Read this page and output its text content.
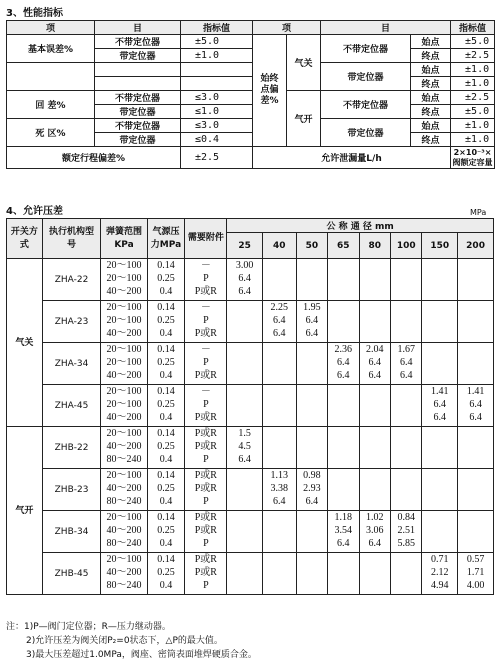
3、性能指标
项	目	指标值	项		目		指标值
基本误差%	不带定位器	±5.0	始终点偏差%	气关	不带定位器	始点	±5.0
	带定位器	±1.0				终点	±2.5
					带定位器	始点	±1.0
						终点	±1.0
回 差%	不带定位器	≤3.0		气开	不带定位器	始点	±2.5
	带定位器	≤1.0				终点	±5.0
死 区%	不带定位器	≤3.0			带定位器	始点	±1.0
	带定位器	≤0.4				终点	±1.0
额定行程偏差%		±2.5	允许泄漏量L/h				2×10⁻³×阀额定容量
4、允许压差	MPa
开关方式	执行机构型号	弹簧范围KPa	气源压力MPa	需要附件	公 称 通 径 mm							
					25	40	50	65	80	100	150	200
气关	ZHA-22	20～100
20～100
40～200	0.14
0.25
0.4	－
P
P或R	3.00
6.4
6.4							

	ZHA-23	20～100
20～100
40～200	0.14
0.25
0.4	－
P
P或R		2.25
6.4
6.4	1.95
6.4
6.4					

	ZHA-34	20～100
20～100
40～200	0.14
0.25
0.4	－
P
P或R				2.36
6.4
6.4	2.04
6.4
6.4	1.67
6.4
6.4		

	ZHA-45	20～100
20～100
40～200	0.14
0.25
0.4	－
P
P或R							1.41
6.4
6.4	1.41
6.4
6.4

气开	ZHB-22	20～100
40～200
80～240	0.14
0.25
0.4	P或R
P或R
P	1.5
4.5
6.4							

	ZHB-23	20～100
40～200
80～240	0.14
0.25
0.4	P或R
P或R
P		1.13
3.38
6.4	0.98
2.93
6.4					

	ZHB-34	20～100
40～200
80～240	0.14
0.25
0.4	P或R
P或R
P				1.18
3.54
6.4	1.02
3.06
6.4	0.84
2.51
5.85		

	ZHB-45	20～100
40～200
80～240	0.14
0.25
0.4	P或R
P或R
P							0.71
2.12
4.94	0.57
1.71
4.00
注：1)P—阀门定位器；R—压力继动器。
2)允许压差为阀关闭P₂=0状态下，△P的最大值。
3)最大压差超过1.0MPa，阀座、密筒表面堆焊硬质合金。
